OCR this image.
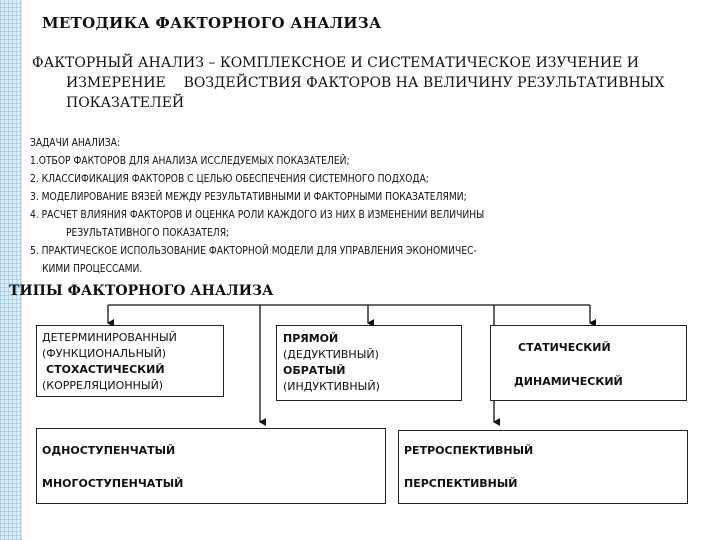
МЕТОДИКА ФАКТОРНОГО АНАЛИЗА
ФАКТОРНЫЙ АНАЛИЗ – КОМПЛЕКСНОЕ И СИСТЕМАТИЧЕСКОЕ ИЗУЧЕНИЕ И
ИЗМЕРЕНИЕ    ВОЗДЕЙСТВИЯ ФАКТОРОВ НА ВЕЛИЧИНУ РЕЗУЛЬТАТИВНЫХ
ПОКАЗАТЕЛЕЙ
ЗАДАЧИ АНАЛИЗА:
1.ОТБОР ФАКТОРОВ ДЛЯ АНАЛИЗА ИССЛЕДУЕМЫХ ПОКАЗАТЕЛЕЙ;
2. КЛАССИФИКАЦИЯ ФАКТОРОВ С ЦЕЛЬЮ ОБЕСПЕЧЕНИЯ СИСТЕМНОГО ПОДХОДА;
3. МОДЕЛИРОВАНИЕ ВЯЗЕЙ МЕЖДУ РЕЗУЛЬТАТИВНЫМИ И ФАКТОРНЫМИ ПОКАЗАТЕЛЯМИ;
4. РАСЧЕТ ВЛИЯНИЯ ФАКТОРОВ И ОЦЕНКА РОЛИ КАЖДОГО ИЗ НИХ В ИЗМЕНЕНИИ ВЕЛИЧИНЫ
РЕЗУЛЬТАТИВНОГО ПОКАЗАТЕЛЯ;
5. ПРАКТИЧЕСКОЕ ИСПОЛЬЗОВАНИЕ ФАКТОРНОЙ МОДЕЛИ ДЛЯ УПРАВЛЕНИЯ ЭКОНОМИЧЕС-
КИМИ ПРОЦЕССАМИ.
ТИПЫ ФАКТОРНОГО АНАЛИЗА
ДЕТЕРМИНИРОВАННЫЙ
(ФУНКЦИОНАЛЬНЫЙ)
СТОХАСТИЧЕСКИЙ
(КОРРЕЛЯЦИОННЫЙ)
ПРЯМОЙ
(ДЕДУКТИВНЫЙ)
ОБРАТЫЙ
(ИНДУКТИВНЫЙ)
СТАТИЧЕСКИЙ
ДИНАМИЧЕСКИЙ
ОДНОСТУПЕНЧАТЫЙ
МНОГОСТУПЕНЧАТЫЙ
РЕТРОСПЕКТИВНЫЙ
ПЕРСПЕКТИВНЫЙ
